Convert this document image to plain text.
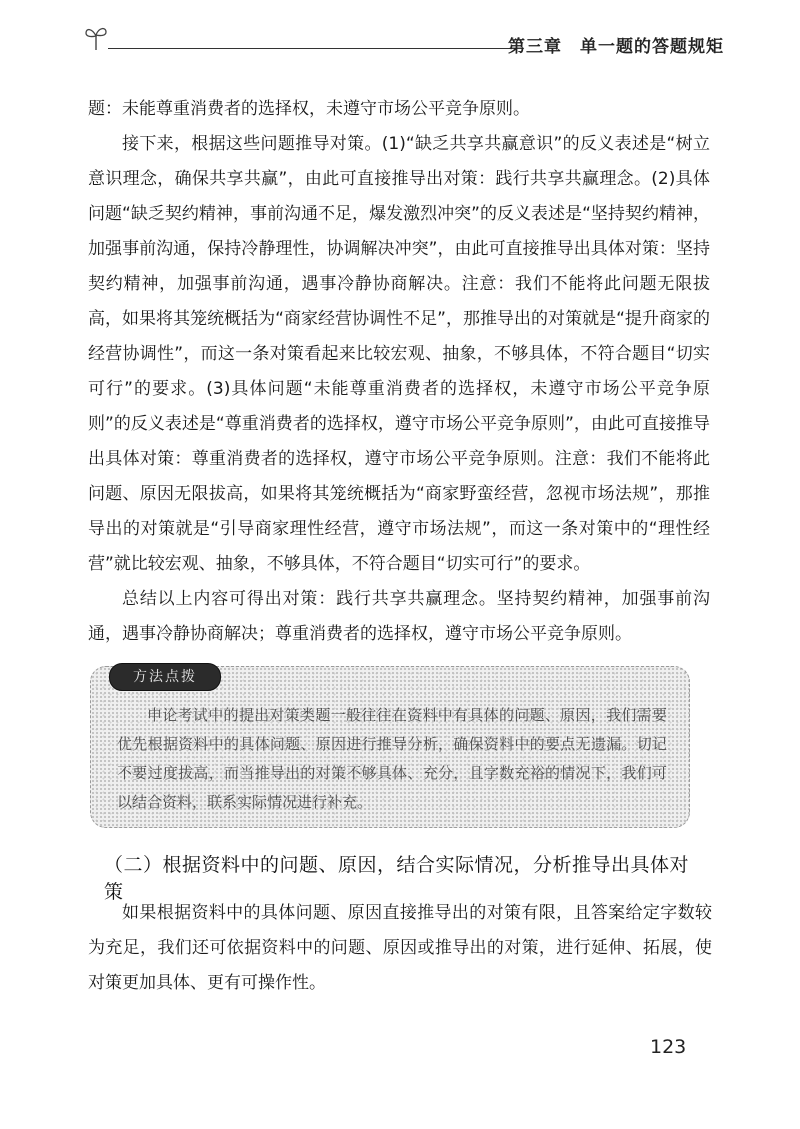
第三章 单一题的答题规矩

题：未能尊重消费者的选择权，未遵守市场公平竞争原则。

接下来，根据这些问题推导对策。(1)“缺乏共享共赢意识”的反义表述是“树立意识理念，确保共享共赢”，由此可直接推导出对策：践行共享共赢理念。(2)具体问题“缺乏契约精神，事前沟通不足，爆发激烈冲突”的反义表述是“坚持契约精神，加强事前沟通，保持冷静理性，协调解决冲突”，由此可直接推导出具体对策：坚持契约精神，加强事前沟通，遇事冷静协商解决。注意：我们不能将此问题无限拔高，如果将其笼统概括为“商家经营协调性不足”，那推导出的对策就是“提升商家的经营协调性”，而这一条对策看起来比较宏观、抽象，不够具体，不符合题目“切实可行”的要求。(3)具体问题“未能尊重消费者的选择权，未遵守市场公平竞争原则”的反义表述是“尊重消费者的选择权，遵守市场公平竞争原则”，由此可直接推导出具体对策：尊重消费者的选择权，遵守市场公平竞争原则。注意：我们不能将此问题、原因无限拔高，如果将其笼统概括为“商家野蛮经营，忽视市场法规”，那推导出的对策就是“引导商家理性经营，遵守市场法规”，而这一条对策中的“理性经营”就比较宏观、抽象，不够具体，不符合题目“切实可行”的要求。

总结以上内容可得出对策：践行共享共赢理念。坚持契约精神，加强事前沟通，遇事冷静协商解决；尊重消费者的选择权，遵守市场公平竞争原则。

方法点拨
申论考试中的提出对策类题一般往往在资料中有具体的问题、原因，我们需要优先根据资料中的具体问题、原因进行推导分析，确保资料中的要点无遗漏。切记不要过度拔高，而当推导出的对策不够具体、充分，且字数充裕的情况下，我们可以结合资料，联系实际情况进行补充。
（二）根据资料中的问题、原因，结合实际情况，分析推导出具体对策

如果根据资料中的具体问题、原因直接推导出的对策有限，且答案给定字数较为充足，我们还可依据资料中的问题、原因或推导出的对策，进行延伸、拓展，使对策更加具体、更有可操作性。

123
